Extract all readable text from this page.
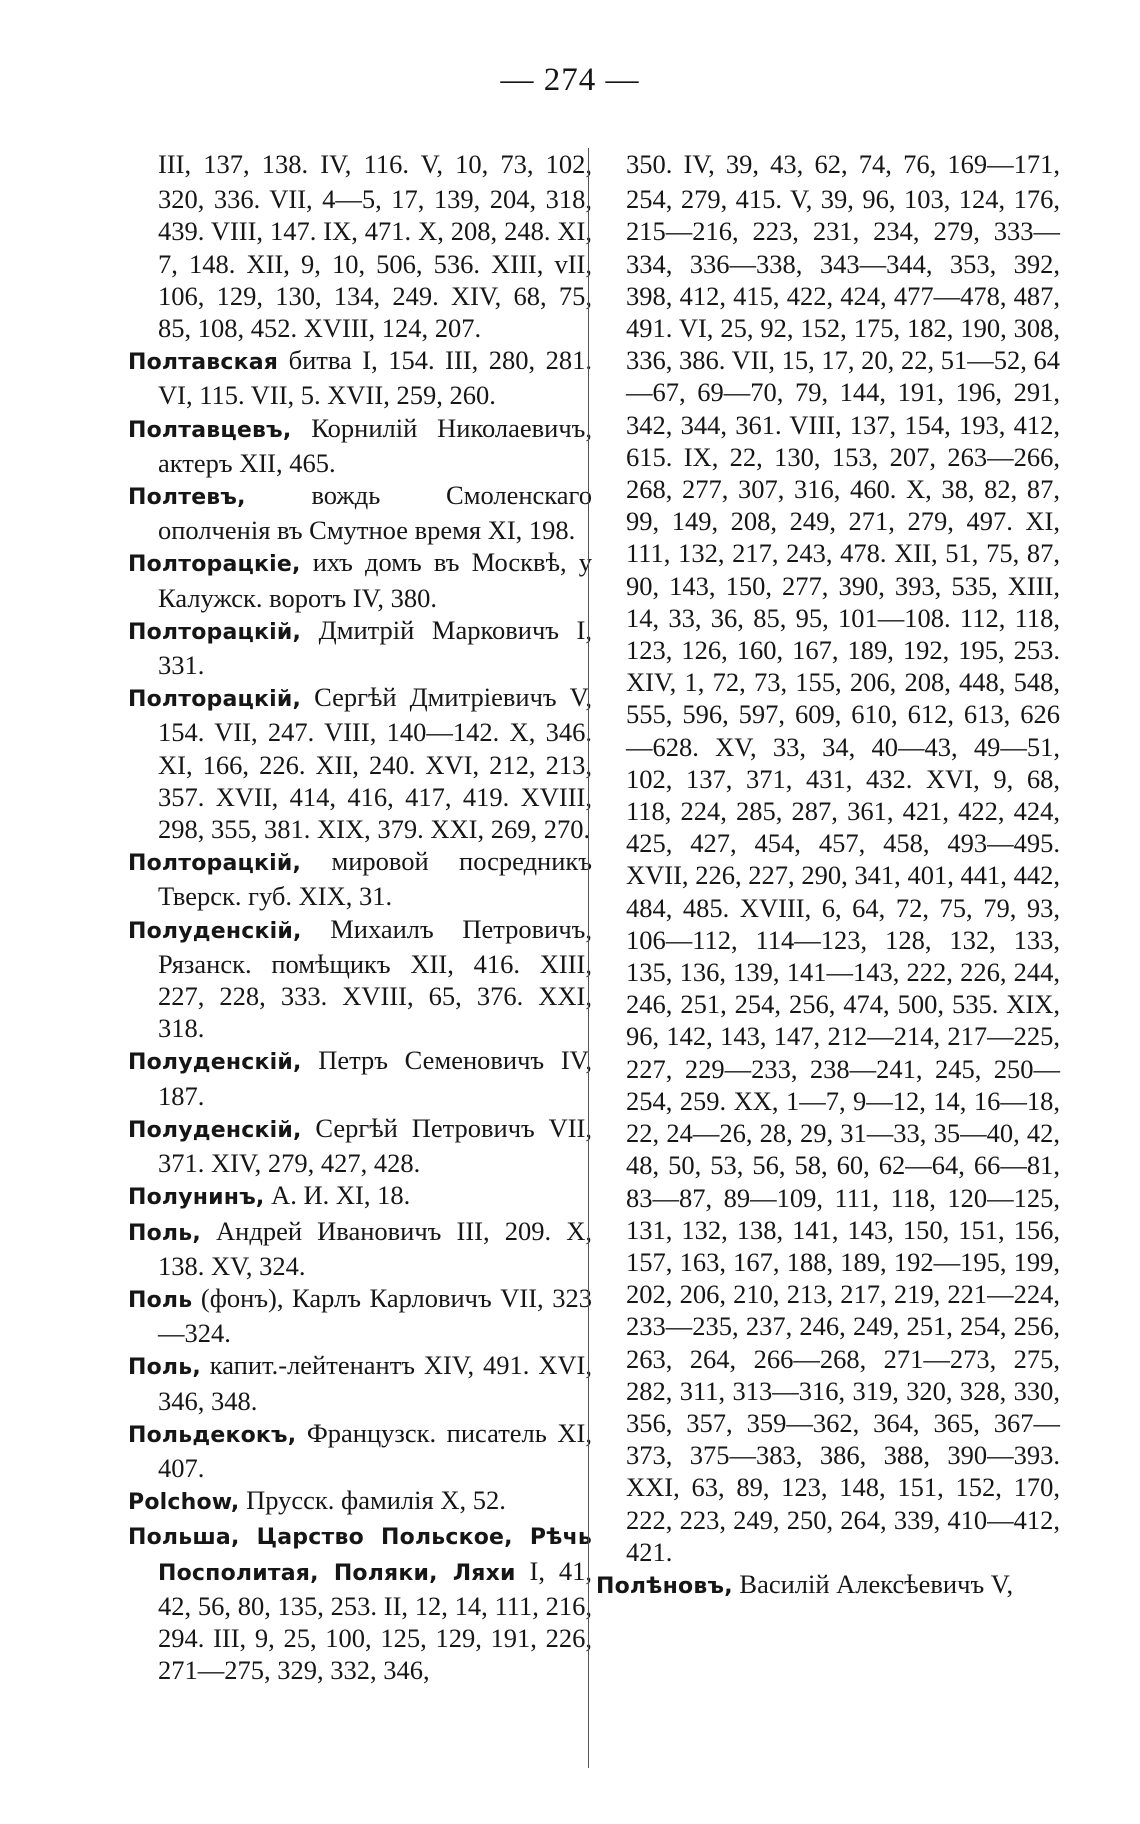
— 274 —

III, 137, 138. IV, 116. V, 10, 73, 102, 320, 336. VII, 4—5, 17, 139, 204, 318, 439. VIII, 147. IX, 471. X, 208, 248. XI, 7, 148. XII, 9, 10, 506, 536. XIII, vII, 106, 129, 130, 134, 249. XIV, 68, 75, 85, 108, 452. XVIII, 124, 207.

Полтавская битва I, 154. III, 280, 281. VI, 115. VII, 5. XVII, 259, 260.

Полтавцевъ, Корнилій Николаевичъ, актеръ XII, 465.

Полтевъ, вождь Смоленскаго ополченія въ Смутное время XI, 198.

Полторацкіе, ихъ домъ въ Москвѣ, у Калужск. воротъ IV, 380.

Полторацкій, Дмитрій Марковичъ I, 331.

Полторацкій, Сергѣй Дмитріевичъ V, 154. VII, 247. VIII, 140—142. X, 346. XI, 166, 226. XII, 240. XVI, 212, 213, 357. XVII, 414, 416, 417, 419. XVIII, 298, 355, 381. XIX, 379. XXI, 269, 270.

Полторацкій, мировой посредникъ Тверск. губ. XIX, 31.

Полуденскій, Михаилъ Петровичъ, Рязанск. помѣщикъ XII, 416. XIII, 227, 228, 333. XVIII, 65, 376. XXI, 318.

Полуденскій, Петръ Семеновичъ IV, 187.

Полуденскій, Сергѣй Петровичъ VII, 371. XIV, 279, 427, 428.

Полунинъ, А. И. XI, 18.

Поль, Андрей Ивановичъ III, 209. X, 138. XV, 324.

Поль (фонъ), Карлъ Карловичъ VII, 323—324.

Поль, капит.-лейтенантъ XIV, 491. XVI, 346, 348.

Польдекокъ, Французск. писатель XI, 407.

Polchow, Прусск. фамилія X, 52.

Польша, Царство Польское, Рѣчь Посполитая, Поляки, Ляхи I, 41, 42, 56, 80, 135, 253. II, 12, 14, 111, 216, 294. III, 9, 25, 100, 125, 129, 191, 226, 271—275, 329, 332, 346,

350. IV, 39, 43, 62, 74, 76, 169—171, 254, 279, 415. V, 39, 96, 103, 124, 176, 215—216, 223, 231, 234, 279, 333—334, 336—338, 343—344, 353, 392, 398, 412, 415, 422, 424, 477—478, 487, 491. VI, 25, 92, 152, 175, 182, 190, 308, 336, 386. VII, 15, 17, 20, 22, 51—52, 64—67, 69—70, 79, 144, 191, 196, 291, 342, 344, 361. VIII, 137, 154, 193, 412, 615. IX, 22, 130, 153, 207, 263—266, 268, 277, 307, 316, 460. X, 38, 82, 87, 99, 149, 208, 249, 271, 279, 497. XI, 111, 132, 217, 243, 478. XII, 51, 75, 87, 90, 143, 150, 277, 390, 393, 535, XIII, 14, 33, 36, 85, 95, 101—108. 112, 118, 123, 126, 160, 167, 189, 192, 195, 253. XIV, 1, 72, 73, 155, 206, 208, 448, 548, 555, 596, 597, 609, 610, 612, 613, 626—628. XV, 33, 34, 40—43, 49—51, 102, 137, 371, 431, 432. XVI, 9, 68, 118, 224, 285, 287, 361, 421, 422, 424, 425, 427, 454, 457, 458, 493—495. XVII, 226, 227, 290, 341, 401, 441, 442, 484, 485. XVIII, 6, 64, 72, 75, 79, 93, 106—112, 114—123, 128, 132, 133, 135, 136, 139, 141—143, 222, 226, 244, 246, 251, 254, 256, 474, 500, 535. XIX, 96, 142, 143, 147, 212—214, 217—225, 227, 229—233, 238—241, 245, 250—254, 259. XX, 1—7, 9—12, 14, 16—18, 22, 24—26, 28, 29, 31—33, 35—40, 42, 48, 50, 53, 56, 58, 60, 62—64, 66—81, 83—87, 89—109, 111, 118, 120—125, 131, 132, 138, 141, 143, 150, 151, 156, 157, 163, 167, 188, 189, 192—195, 199, 202, 206, 210, 213, 217, 219, 221—224, 233—235, 237, 246, 249, 251, 254, 256, 263, 264, 266—268, 271—273, 275, 282, 311, 313—316, 319, 320, 328, 330, 356, 357, 359—362, 364, 365, 367—373, 375—383, 386, 388, 390—393. XXI, 63, 89, 123, 148, 151, 152, 170, 222, 223, 249, 250, 264, 339, 410—412, 421.

Полѣновъ, Василій Алексѣевичъ V,
